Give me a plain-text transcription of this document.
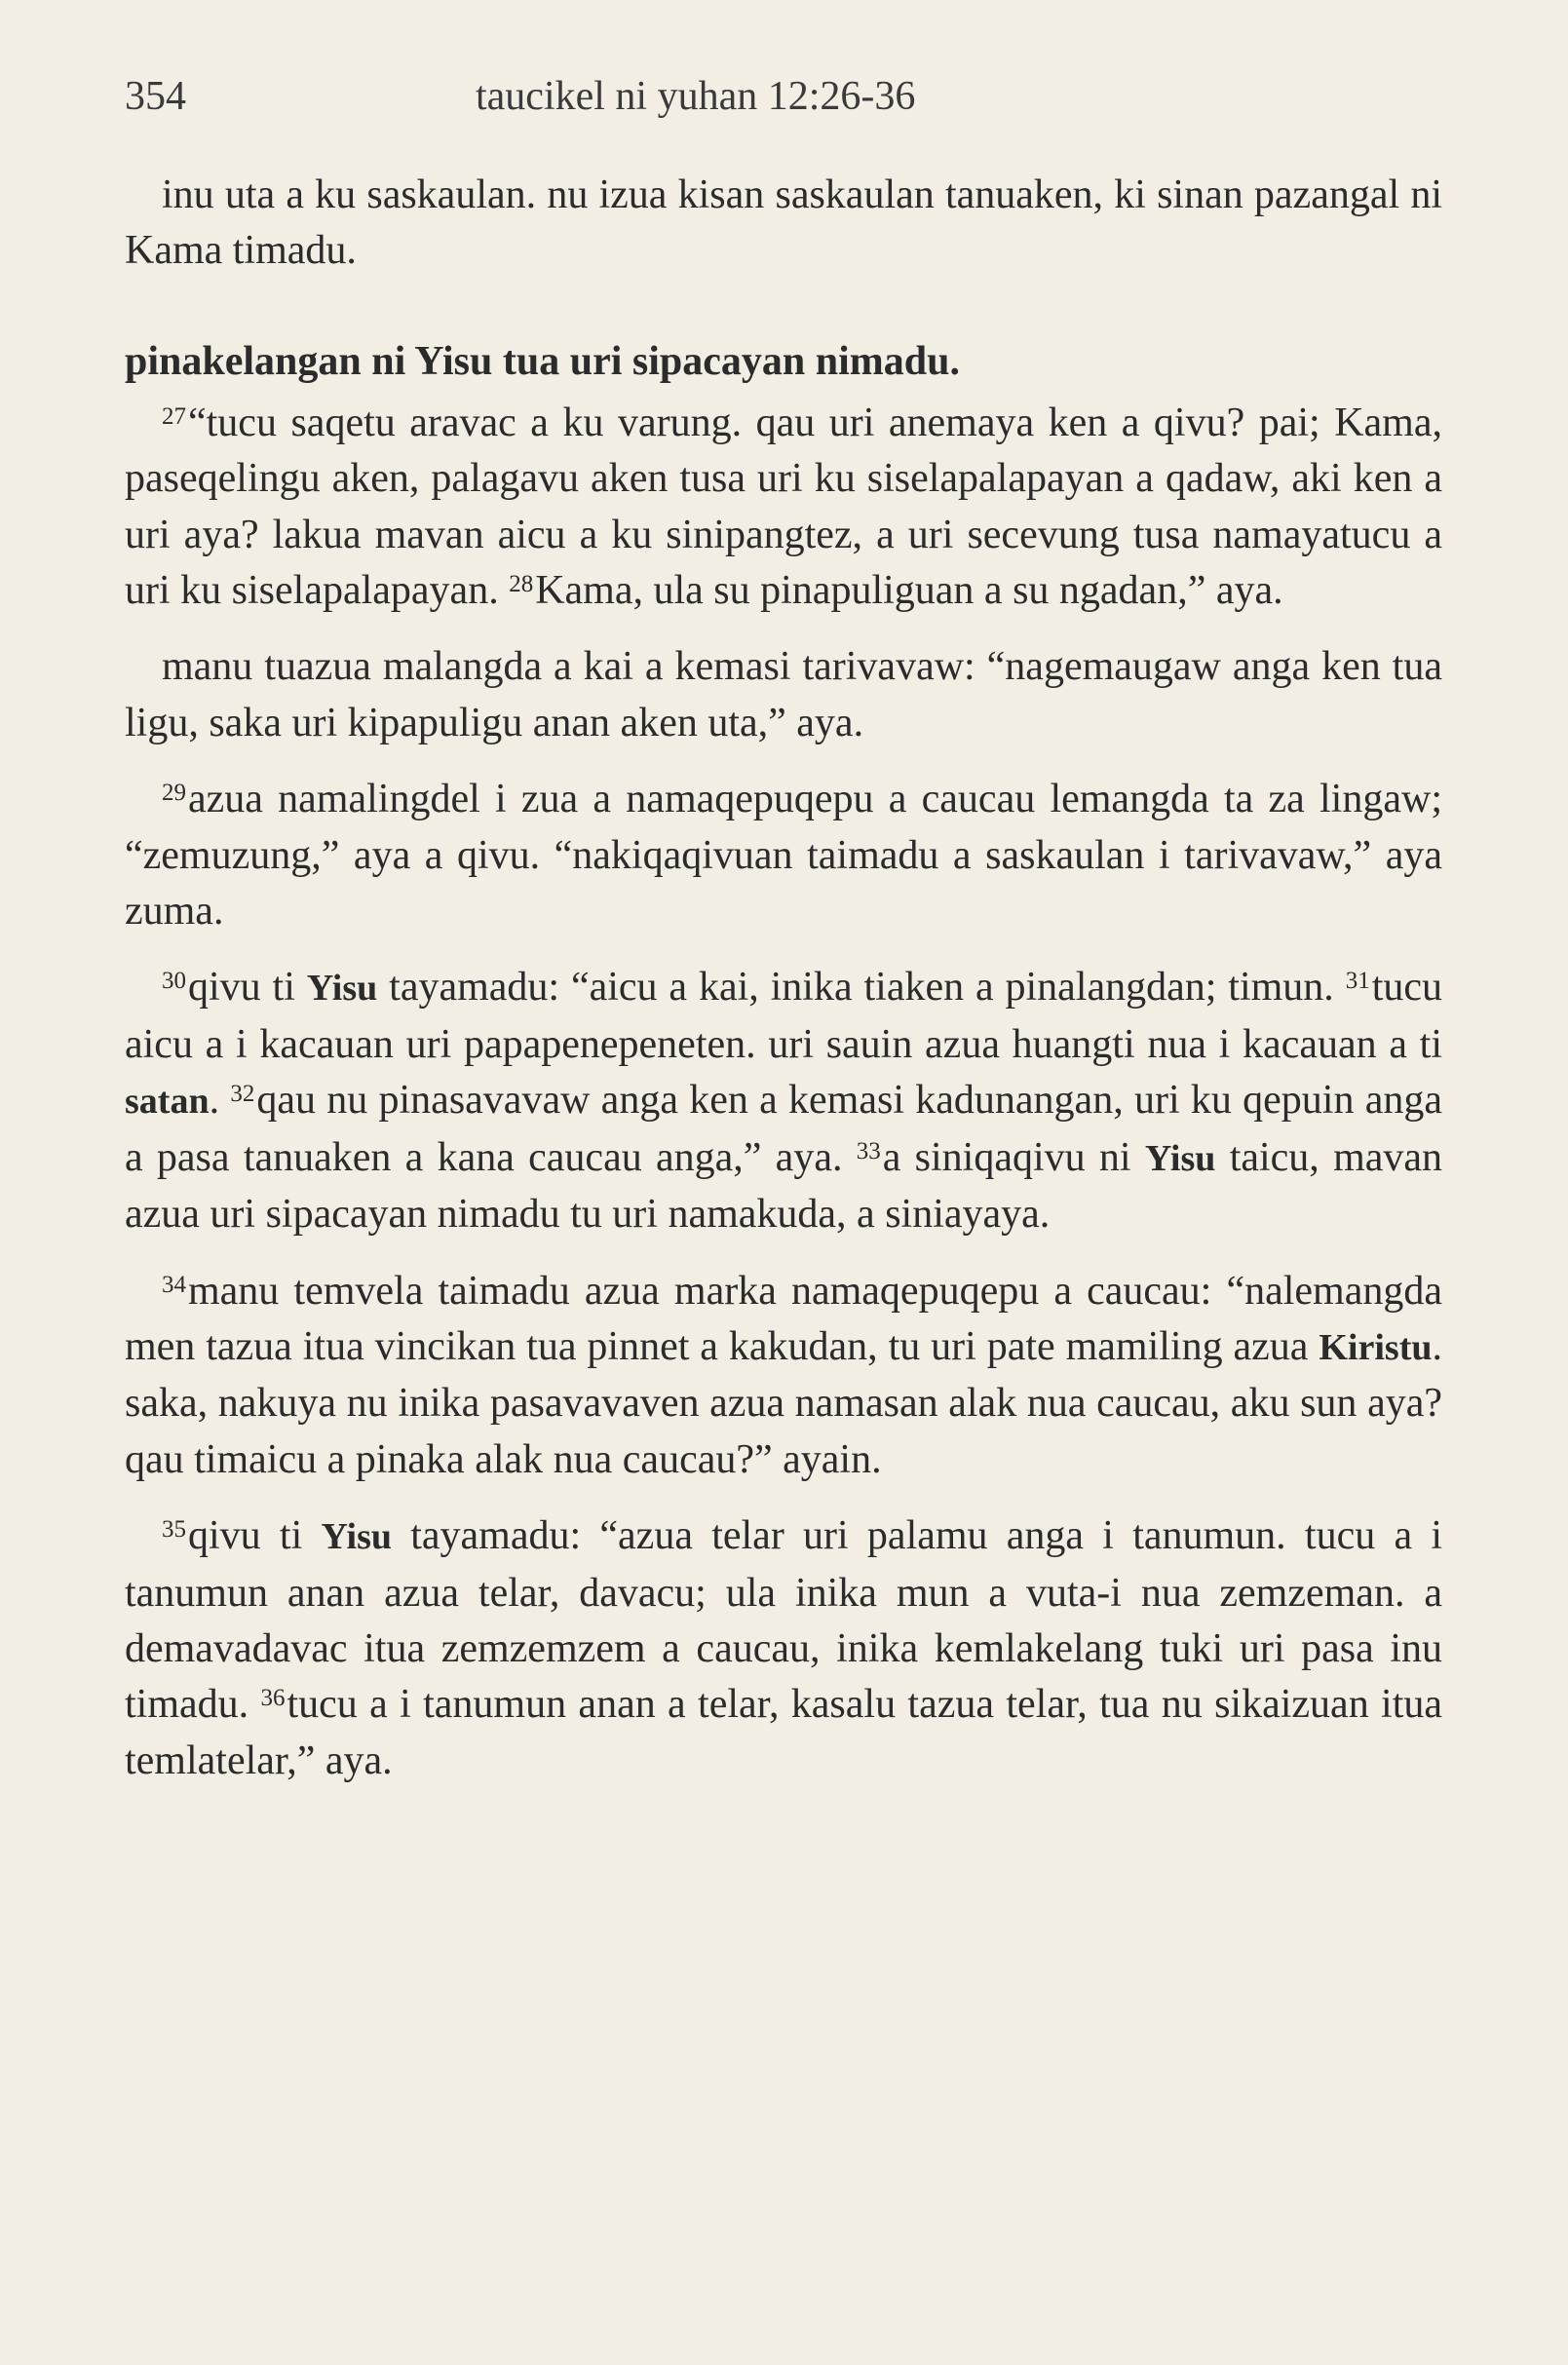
354	taucikel ni yuhan 12:26-36

inu uta a ku saskaulan. nu izua kisan saskaulan tanuaken, ki sinan pazangal ni Kama timadu.

pinakelangan ni Yisu tua uri sipacayan nimadu.

$^{27}$“tucu saqetu aravac a ku varung. qau uri anemaya ken a qivu? pai; Kama, paseqelingu aken, palagavu aken tusa uri ku siselapalapayan a qadaw, aki ken a uri aya? lakua mavan aicu a ku sinipangtez, a uri secevung tusa namayatucu a uri ku siselapalapayan. $^{28}$Kama, ula su pinapuliguan a su ngadan,” aya.

manu tuazua malangda a kai a kemasi tarivavaw: “nagemaugaw anga ken tua ligu, saka uri kipapuligu anan aken uta,” aya.

$^{29}$azua namalingdel i zua a namaqepuqepu a caucau lemangda ta za lingaw; “zemuzung,” aya a qivu. “nakiqaqivuan taimadu a saskaulan i tarivavaw,” aya zuma.

$^{30}$qivu ti Yisu tayamadu: “aicu a kai, inika tiaken a pinalangdan; timun. $^{31}$tucu aicu a i kacauan uri papapenepeneten. uri sauin azua huangti nua i kacauan a ti satan. $^{32}$qau nu pinasavavaw anga ken a kemasi kadunangan, uri ku qepuin anga a pasa tanuaken a kana caucau anga,” aya. $^{33}$a siniqaqivu ni Yisu taicu, mavan azua uri sipacayan nimadu tu uri namakuda, a siniayaya.

$^{34}$manu temvela taimadu azua marka namaqepuqepu a caucau: “nalemangda men tazua itua vincikan tua pinnet a kakudan, tu uri pate mamiling azua Kiristu. saka, nakuya nu inika pasavavaven azua namasan alak nua caucau, aku sun aya? qau timaicu a pinaka alak nua caucau?” ayain.

$^{35}$qivu ti Yisu tayamadu: “azua telar uri palamu anga i tanumun. tucu a i tanumun anan azua telar, davacu; ula inika mun a vuta-i nua zemzeman. a demavadavac itua zemzemzem a caucau, inika kemlakelang tuki uri pasa inu timadu. $^{36}$tucu a i tanumun anan a telar, kasalu tazua telar, tua nu sikaizuan itua temlatelar,” aya.
